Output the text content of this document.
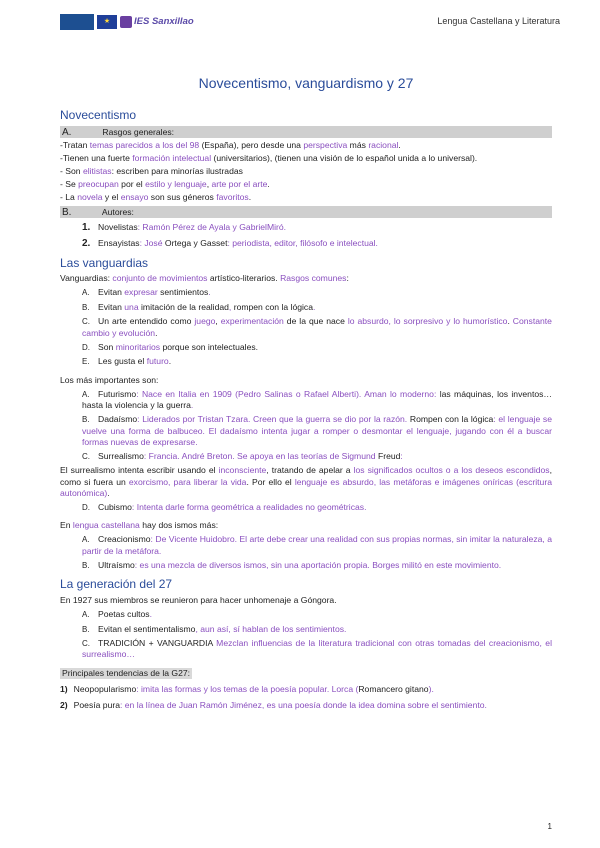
★	IES Sanxillao	Lengua Castellana y Literatura
Novecentismo, vanguardismo y 27
Novecentismo
A.	Rasgos generales:

-Tratan temas parecidos a los del 98 (España), pero desde una perspectiva más racional.

-Tienen una fuerte formación intelectual (universitarios), (tienen una visión de lo español unida a lo universal).

- Son elitistas: escriben para minorías ilustradas

- Se preocupan por el estilo y lenguaje, arte por el arte.

- La novela y el ensayo son sus géneros favoritos.

B.	Autores:

1. Novelistas: Ramón Pérez de Ayala y GabrielMiró.

2. Ensayistas: José Ortega y Gasset: periodista, editor, filósofo e intelectual.

Las vanguardias

Vanguardias: conjunto de movimientos artístico-literarios. Rasgos comunes:

A. Evitan expresar sentimientos.

B. Evitan una imitación de la realidad, rompen con la lógica.

C. Un arte entendido como juego, experimentación de la que nace lo absurdo, lo sorpresivo y lo humorístico. Constante cambio y evolución.

D. Son minoritarios porque son intelectuales.

E. Les gusta el futuro.

Los más importantes son:

A. Futurismo: Nace en Italia en 1909 (Pedro Salinas o Rafael Alberti). Aman lo moderno: las máquinas, los inventos… hasta la violencia y la guerra.

B. Dadaísmo: Liderados por Tristan Tzara. Creen que la guerra se dio por la razón. Rompen con la lógica: el lenguaje se vuelve una forma de balbuceo. El dadaísmo intenta jugar a romper o desmontar el lenguaje, jugando con él a buscar formas nuevas de expresarse.

C. Surrealismo: Francia. André Breton. Se apoya en las teorías de Sigmund Freud:

El surrealismo intenta escribir usando el inconsciente, tratando de apelar a los significados ocultos o a los deseos escondidos, como si fuera un exorcismo, para liberar la vida. Por ello el lenguaje es absurdo, las metáforas e imágenes oníricas (escritura autonómica).

D. Cubismo: Intenta darle forma geométrica a realidades no geométricas.

En lengua castellana hay dos ismos más:

A. Creacionismo: De Vicente Huidobro. El arte debe crear una realidad con sus propias normas, sin imitar la naturaleza, a partir de la metáfora.

B. Ultraísmo: es una mezcla de diversos ismos, sin una aportación propia. Borges militó en este movimiento.

La generación del 27

En 1927 sus miembros se reunieron para hacer unhomenaje a Góngora.

A. Poetas cultos.

B. Evitan el sentimentalismo, aun así, sí hablan de los sentimientos.

C. TRADICIÓN + VANGUARDIA Mezclan influencias de la literatura tradicional con otras tomadas del creacionismo, el surrealismo…

Principales tendencias de la G27:

1) Neopopularismo: imita las formas y los temas de la poesía popular. Lorca (Romancero gitano).

2) Poesía pura: en la línea de Juan Ramón Jiménez, es una poesía donde la idea domina sobre el sentimiento.

1
